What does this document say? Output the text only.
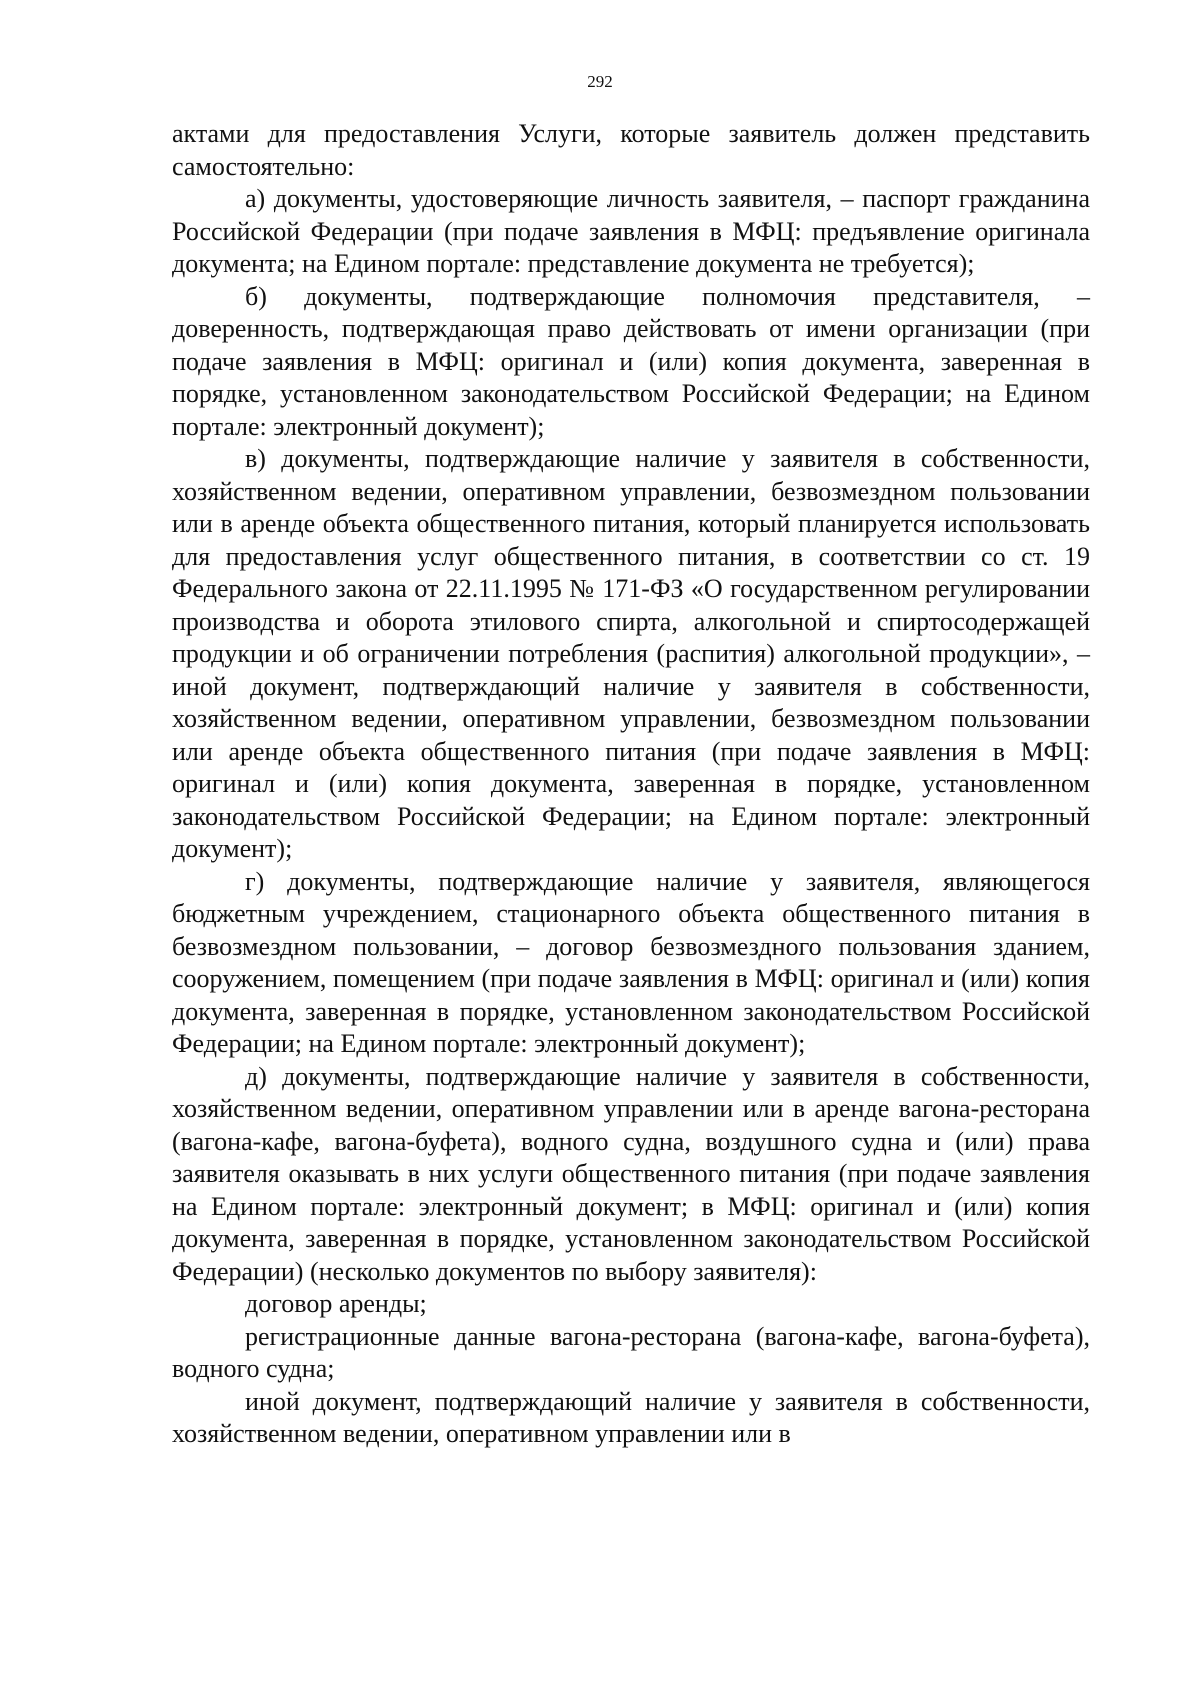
292

актами для предоставления Услуги, которые заявитель должен представить самостоятельно:

а) документы, удостоверяющие личность заявителя, – паспорт гражданина Российской Федерации (при подаче заявления в МФЦ: предъявление оригинала документа; на Едином портале: представление документа не требуется);

б) документы, подтверждающие полномочия представителя, – доверенность, подтверждающая право действовать от имени организации (при подаче заявления в МФЦ: оригинал и (или) копия документа, заверенная в порядке, установленном законодательством Российской Федерации; на Едином портале: электронный документ);

в) документы, подтверждающие наличие у заявителя в собственности, хозяйственном ведении, оперативном управлении, безвозмездном пользовании или в аренде объекта общественного питания, который планируется использовать для предоставления услуг общественного питания, в соответствии со ст. 19 Федерального закона от 22.11.1995 № 171-ФЗ «О государственном регулировании производства и оборота этилового спирта, алкогольной и спиртосодержащей продукции и об ограничении потребления (распития) алкогольной продукции», – иной документ, подтверждающий наличие у заявителя в собственности, хозяйственном ведении, оперативном управлении, безвозмездном пользовании или аренде объекта общественного питания (при подаче заявления в МФЦ: оригинал и (или) копия документа, заверенная в порядке, установленном законодательством Российской Федерации; на Едином портале: электронный документ);

г) документы, подтверждающие наличие у заявителя, являющегося бюджетным учреждением, стационарного объекта общественного питания в безвозмездном пользовании, – договор безвозмездного пользования зданием, сооружением, помещением (при подаче заявления в МФЦ: оригинал и (или) копия документа, заверенная в порядке, установленном законодательством Российской Федерации; на Едином портале: электронный документ);

д) документы, подтверждающие наличие у заявителя в собственности, хозяйственном ведении, оперативном управлении или в аренде вагона-ресторана (вагона-кафе, вагона-буфета), водного судна, воздушного судна и (или) права заявителя оказывать в них услуги общественного питания (при подаче заявления на Едином портале: электронный документ; в МФЦ: оригинал и (или) копия документа, заверенная в порядке, установленном законодательством Российской Федерации) (несколько документов по выбору заявителя):

договор аренды;

регистрационные данные вагона-ресторана (вагона-кафе, вагона-буфета), водного судна;

иной документ, подтверждающий наличие у заявителя в собственности, хозяйственном ведении, оперативном управлении или в
